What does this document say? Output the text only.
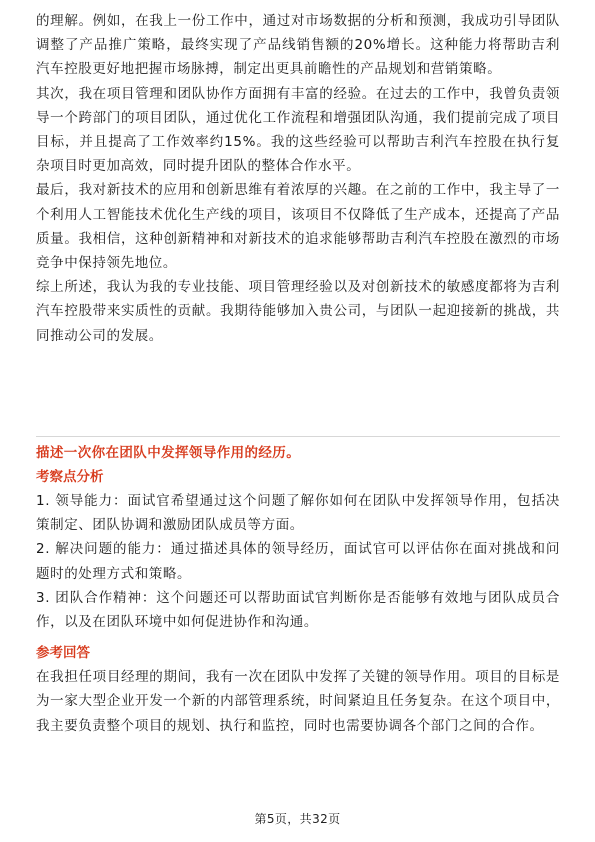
的理解。例如，在我上一份工作中，通过对市场数据的分析和预测，我成功引导团队调整了产品推广策略，最终实现了产品线销售额的20%增长。这种能力将帮助吉利汽车控股更好地把握市场脉搏，制定出更具前瞻性的产品规划和营销策略。

其次，我在项目管理和团队协作方面拥有丰富的经验。在过去的工作中，我曾负责领导一个跨部门的项目团队，通过优化工作流程和增强团队沟通，我们提前完成了项目目标，并且提高了工作效率约15%。我的这些经验可以帮助吉利汽车控股在执行复杂项目时更加高效，同时提升团队的整体合作水平。

最后，我对新技术的应用和创新思维有着浓厚的兴趣。在之前的工作中，我主导了一个利用人工智能技术优化生产线的项目，该项目不仅降低了生产成本，还提高了产品质量。我相信，这种创新精神和对新技术的追求能够帮助吉利汽车控股在激烈的市场竞争中保持领先地位。

综上所述，我认为我的专业技能、项目管理经验以及对创新技术的敏感度都将为吉利汽车控股带来实质性的贡献。我期待能够加入贵公司，与团队一起迎接新的挑战，共同推动公司的发展。

描述一次你在团队中发挥领导作用的经历。

考察点分析

1. 领导能力：面试官希望通过这个问题了解你如何在团队中发挥领导作用，包括决策制定、团队协调和激励团队成员等方面。

2. 解决问题的能力：通过描述具体的领导经历，面试官可以评估你在面对挑战和问题时的处理方式和策略。

3. 团队合作精神：这个问题还可以帮助面试官判断你是否能够有效地与团队成员合作，以及在团队环境中如何促进协作和沟通。

参考回答

在我担任项目经理的期间，我有一次在团队中发挥了关键的领导作用。项目的目标是为一家大型企业开发一个新的内部管理系统，时间紧迫且任务复杂。在这个项目中，我主要负责整个项目的规划、执行和监控，同时也需要协调各个部门之间的合作。

第5页，共32页
